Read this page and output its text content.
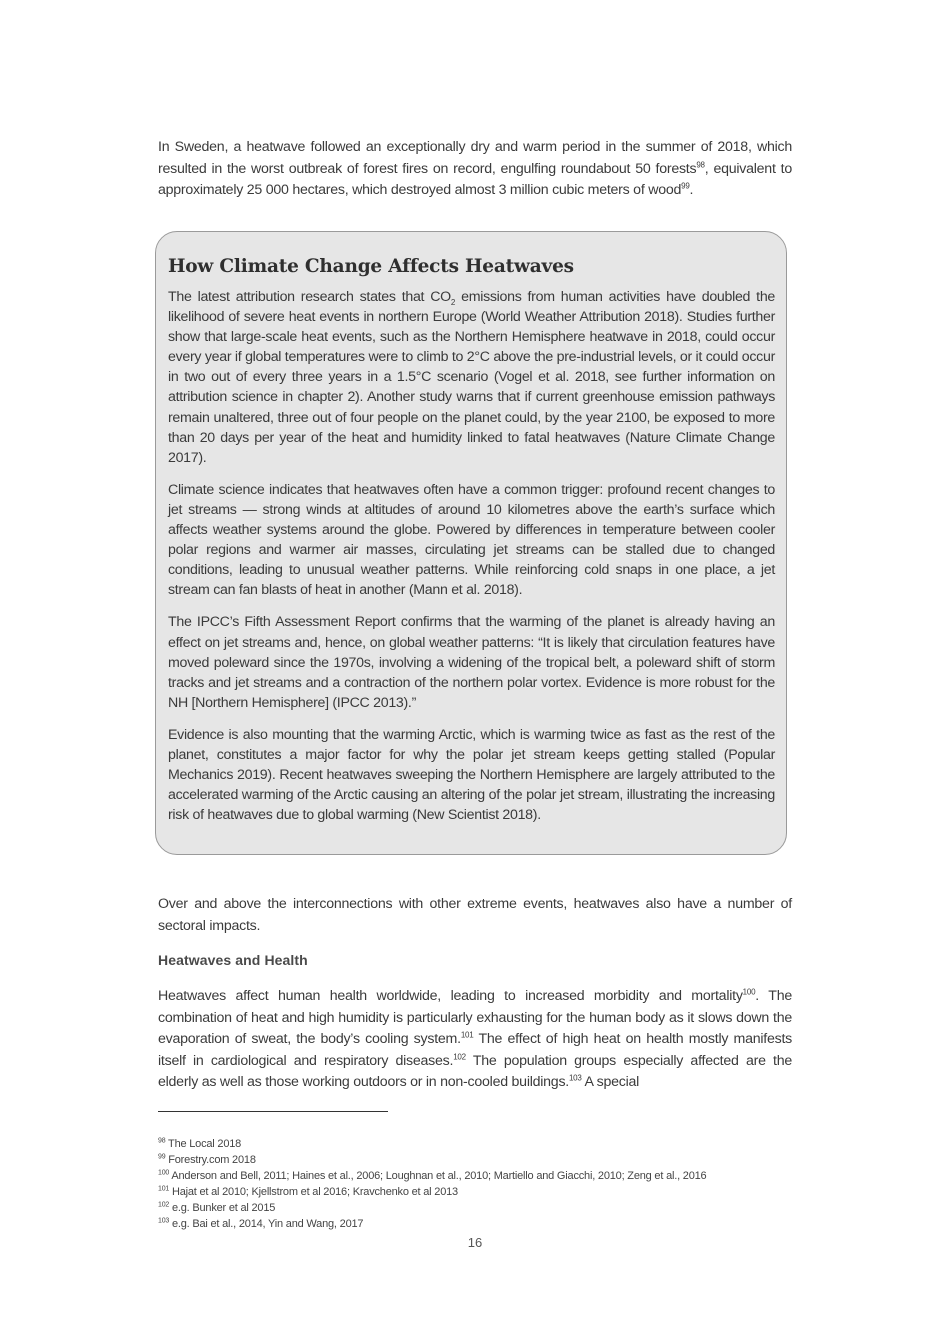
In Sweden, a heatwave followed an exceptionally dry and warm period in the summer of 2018, which resulted in the worst outbreak of forest fires on record, engulfing roundabout 50 forests$^{98}$, equivalent to approximately 25 000 hectares, which destroyed almost 3 million cubic meters of wood$^{99}$.

How Climate Change Affects Heatwaves

The latest attribution research states that $CO_2$ emissions from human activities have doubled the likelihood of severe heat events in northern Europe (World Weather Attribution 2018). Studies further show that large-scale heat events, such as the Northern Hemisphere heatwave in 2018, could occur every year if global temperatures were to climb to 2°C above the pre-industrial levels, or it could occur in two out of every three years in a 1.5°C scenario (Vogel et al. 2018, see further information on attribution science in chapter 2). Another study warns that if current greenhouse emission pathways remain unaltered, three out of four people on the planet could, by the year 2100, be exposed to more than 20 days per year of the heat and humidity linked to fatal heatwaves (Nature Climate Change 2017).

Climate science indicates that heatwaves often have a common trigger: profound recent changes to jet streams — strong winds at altitudes of around 10 kilometres above the earth’s surface which affects weather systems around the globe. Powered by differences in temperature between cooler polar regions and warmer air masses, circulating jet streams can be stalled due to changed conditions, leading to unusual weather patterns. While reinforcing cold snaps in one place, a jet stream can fan blasts of heat in another (Mann et al. 2018).

The IPCC’s Fifth Assessment Report confirms that the warming of the planet is already having an effect on jet streams and, hence, on global weather patterns: “It is likely that circulation features have moved poleward since the 1970s, involving a widening of the tropical belt, a poleward shift of storm tracks and jet streams and a contraction of the northern polar vortex. Evidence is more robust for the NH [Northern Hemisphere] (IPCC 2013).”

Evidence is also mounting that the warming Arctic, which is warming twice as fast as the rest of the planet, constitutes a major factor for why the polar jet stream keeps getting stalled (Popular Mechanics 2019). Recent heatwaves sweeping the Northern Hemisphere are largely attributed to the accelerated warming of the Arctic causing an altering of the polar jet stream, illustrating the increasing risk of heatwaves due to global warming (New Scientist 2018).

Over and above the interconnections with other extreme events, heatwaves also have a number of sectoral impacts.

Heatwaves and Health

Heatwaves affect human health worldwide, leading to increased morbidity and mortality$^{100}$. The combination of heat and high humidity is particularly exhausting for the human body as it slows down the evaporation of sweat, the body’s cooling system.$^{101}$ The effect of high heat on health mostly manifests itself in cardiological and respiratory diseases.$^{102}$ The population groups especially affected are the elderly as well as those working outdoors or in non-cooled buildings.$^{103}$ A special

$^{98}$ The Local 2018
$^{99}$ Forestry.com 2018
$^{100}$ Anderson and Bell, 2011; Haines et al., 2006; Loughnan et al., 2010; Martiello and Giacchi, 2010; Zeng et al., 2016
$^{101}$ Hajat et al 2010; Kjellstrom et al 2016; Kravchenko et al 2013
$^{102}$ e.g. Bunker et al 2015
$^{103}$ e.g. Bai et al., 2014, Yin and Wang, 2017
16
